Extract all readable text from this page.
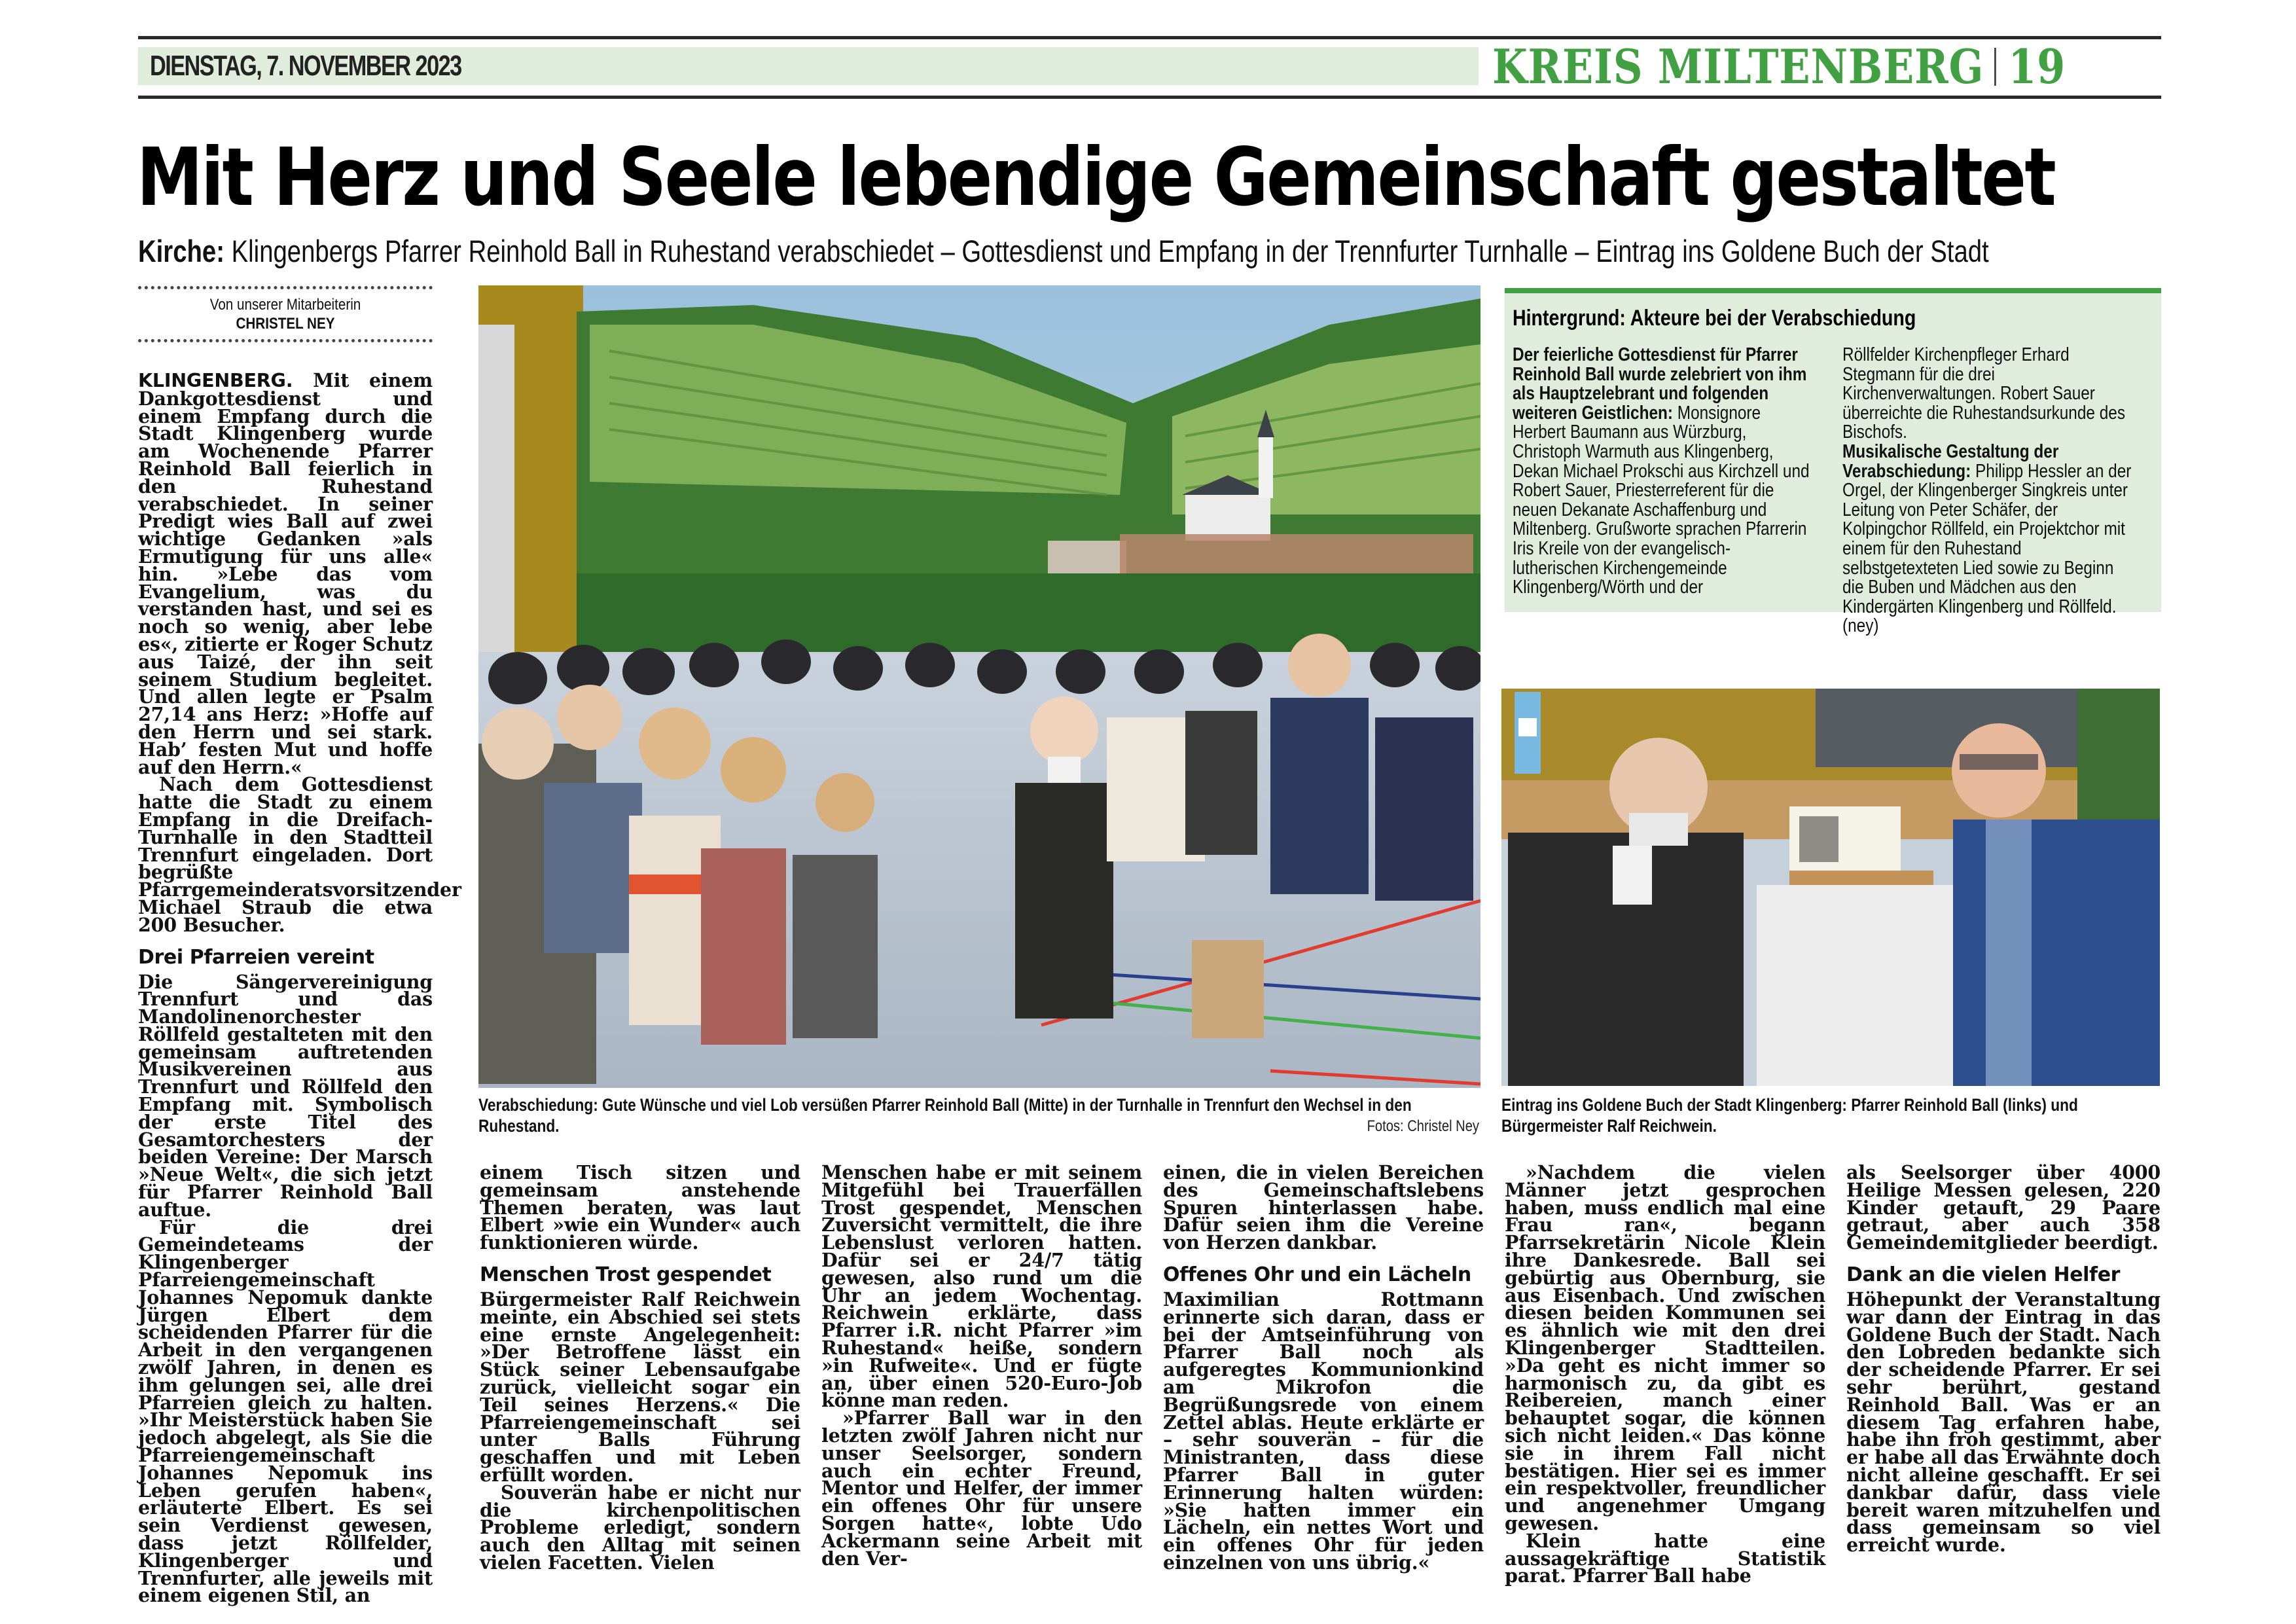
DIENSTAG, 7. NOVEMBER 2023	KREIS MILTENBERG 19
Mit Herz und Seele lebendige Gemeinschaft gestaltet
Kirche: Klingenbergs Pfarrer Reinhold Ball in Ruhestand verabschiedet – Gottesdienst und Empfang in der Trennfurter Turnhalle – Eintrag ins Goldene Buch der Stadt
Von unserer Mitarbeiterin
CHRISTEL NEY

KLINGENBERG. Mit einem Dankgottesdienst und einem Empfang durch die Stadt Klingenberg wurde am Wochenende Pfarrer Reinhold Ball feierlich in den Ruhestand verabschiedet. In seiner Predigt wies Ball auf zwei wichtige Gedanken »als Ermutigung für uns alle« hin. »Lebe das vom Evangelium, was du verstanden hast, und sei es noch so wenig, aber lebe es«, zitierte er Roger Schutz aus Taizé, der ihn seit seinem Studium begleitet. Und allen legte er Psalm 27,14 ans Herz: »Hoffe auf den Herrn und sei stark. Hab’ festen Mut und hoffe auf den Herrn.«

Nach dem Gottesdienst hatte die Stadt zu einem Empfang in die Dreifach-Turnhalle in den Stadtteil Trennfurt eingeladen. Dort begrüßte Pfarrgemeinderatsvorsitzender Michael Straub die etwa 200 Besucher.

Drei Pfarreien vereint

Die Sängervereinigung Trennfurt und das Mandolinenorchester Röllfeld gestalteten mit den gemeinsam auftretenden Musikvereinen aus Trennfurt und Röllfeld den Empfang mit. Symbolisch der erste Titel des Gesamtorchesters der beiden Vereine: Der Marsch »Neue Welt«, die sich jetzt für Pfarrer Reinhold Ball auftue.

Für die drei Gemeindeteams der Klingenberger Pfarreiengemeinschaft Johannes Nepomuk dankte Jürgen Elbert dem scheidenden Pfarrer für die Arbeit in den vergangenen zwölf Jahren, in denen es ihm gelungen sei, alle drei Pfarreien gleich zu halten. »Ihr Meisterstück haben Sie jedoch abgelegt, als Sie die Pfarreiengemeinschaft Johannes Nepomuk ins Leben gerufen haben«, erläuterte Elbert. Es sei sein Verdienst gewesen, dass jetzt Röllfelder, Klingenberger und Trennfurter, alle jeweils mit einem eigenen Stil, an

Verabschiedung: Gute Wünsche und viel Lob versüßen Pfarrer Reinhold Ball (Mitte) in der Turnhalle in Trennfurt den Wechsel in den Ruhestand.	Fotos: Christel Ney
Hintergrund: Akteure bei der Verabschiedung
Der feierliche Gottesdienst für Pfarrer Reinhold Ball wurde zelebriert von ihm als Hauptzelebrant und folgenden weiteren Geistlichen: Monsignore Herbert Baumann aus Würzburg, Christoph Warmuth aus Klingenberg, Dekan Michael Prokschi aus Kirchzell und Robert Sauer, Priesterreferent für die neuen Dekanate Aschaffenburg und Miltenberg. Grußworte sprachen Pfarrerin Iris Kreile von der evangelisch-lutherischen Kirchengemeinde Klingenberg/Wörth und der
Röllfelder Kirchenpfleger Erhard Stegmann für die drei Kirchenverwaltungen. Robert Sauer überreichte die Ruhestandsurkunde des Bischofs.
Musikalische Gestaltung der Verabschiedung: Philipp Hessler an der Orgel, der Klingenberger Singkreis unter Leitung von Peter Schäfer, der Kolpingchor Röllfeld, ein Projektchor mit einem für den Ruhestand selbstgetexteten Lied sowie zu Beginn die Buben und Mädchen aus den Kindergärten Klingenberg und Röllfeld. (ney)
Eintrag ins Goldene Buch der Stadt Klingenberg: Pfarrer Reinhold Ball (links) und Bürgermeister Ralf Reichwein.

einem Tisch sitzen und gemeinsam anstehende Themen beraten, was laut Elbert »wie ein Wunder« auch funktionieren würde.

Menschen Trost gespendet

Bürgermeister Ralf Reichwein meinte, ein Abschied sei stets eine ernste Angelegenheit: »Der Betroffene lässt ein Stück seiner Lebensaufgabe zurück, vielleicht sogar ein Teil seines Herzens.« Die Pfarreiengemeinschaft sei unter Balls Führung geschaffen und mit Leben erfüllt worden.

Souverän habe er nicht nur die kirchenpolitischen Probleme erledigt, sondern auch den Alltag mit seinen vielen Facetten. Vielen

Menschen habe er mit seinem Mitgefühl bei Trauerfällen Trost gespendet, Menschen Zuversicht vermittelt, die ihre Lebenslust verloren hatten. Dafür sei er 24/7 tätig gewesen, also rund um die Uhr an jedem Wochentag. Reichwein erklärte, dass Pfarrer i.R. nicht Pfarrer »im Ruhestand« heiße, sondern »in Rufweite«. Und er fügte an, über einen 520-Euro-Job könne man reden.

»Pfarrer Ball war in den letzten zwölf Jahren nicht nur unser Seelsorger, sondern auch ein echter Freund, Mentor und Helfer, der immer ein offenes Ohr für unsere Sorgen hatte«, lobte Udo Ackermann seine Arbeit mit den Ver-

einen, die in vielen Bereichen des Gemeinschaftslebens Spuren hinterlassen habe. Dafür seien ihm die Vereine von Herzen dankbar.

Offenes Ohr und ein Lächeln

Maximilian Rottmann erinnerte sich daran, dass er bei der Amtseinführung von Pfarrer Ball noch als aufgeregtes Kommunionkind am Mikrofon die Begrüßungsrede von einem Zettel ablas. Heute erklärte er – sehr souverän – für die Ministranten, dass diese Pfarrer Ball in guter Erinnerung halten würden: »Sie hatten immer ein Lächeln, ein nettes Wort und ein offenes Ohr für jeden einzelnen von uns übrig.«

»Nachdem die vielen Männer jetzt gesprochen haben, muss endlich mal eine Frau ran«, begann Pfarrsekretärin Nicole Klein ihre Dankesrede. Ball sei gebürtig aus Obernburg, sie aus Eisenbach. Und zwischen diesen beiden Kommunen sei es ähnlich wie mit den drei Klingenberger Stadtteilen. »Da geht es nicht immer so harmonisch zu, da gibt es Reibereien, manch einer behauptet sogar, die können sich nicht leiden.« Das könne sie in ihrem Fall nicht bestätigen. Hier sei es immer ein respektvoller, freundlicher und angenehmer Umgang gewesen.

Klein hatte eine aussagekräftige Statistik parat. Pfarrer Ball habe

als Seelsorger über 4000 Heilige Messen gelesen, 220 Kinder getauft, 29 Paare getraut, aber auch 358 Gemeindemitglieder beerdigt.

Dank an die vielen Helfer

Höhepunkt der Veranstaltung war dann der Eintrag in das Goldene Buch der Stadt. Nach den Lobreden bedankte sich der scheidende Pfarrer. Er sei sehr berührt, gestand Reinhold Ball. Was er an diesem Tag erfahren habe, habe ihn froh gestimmt, aber er habe all das Erwähnte doch nicht alleine geschafft. Er sei dankbar dafür, dass viele bereit waren mitzuhelfen und dass gemeinsam so viel erreicht wurde.
